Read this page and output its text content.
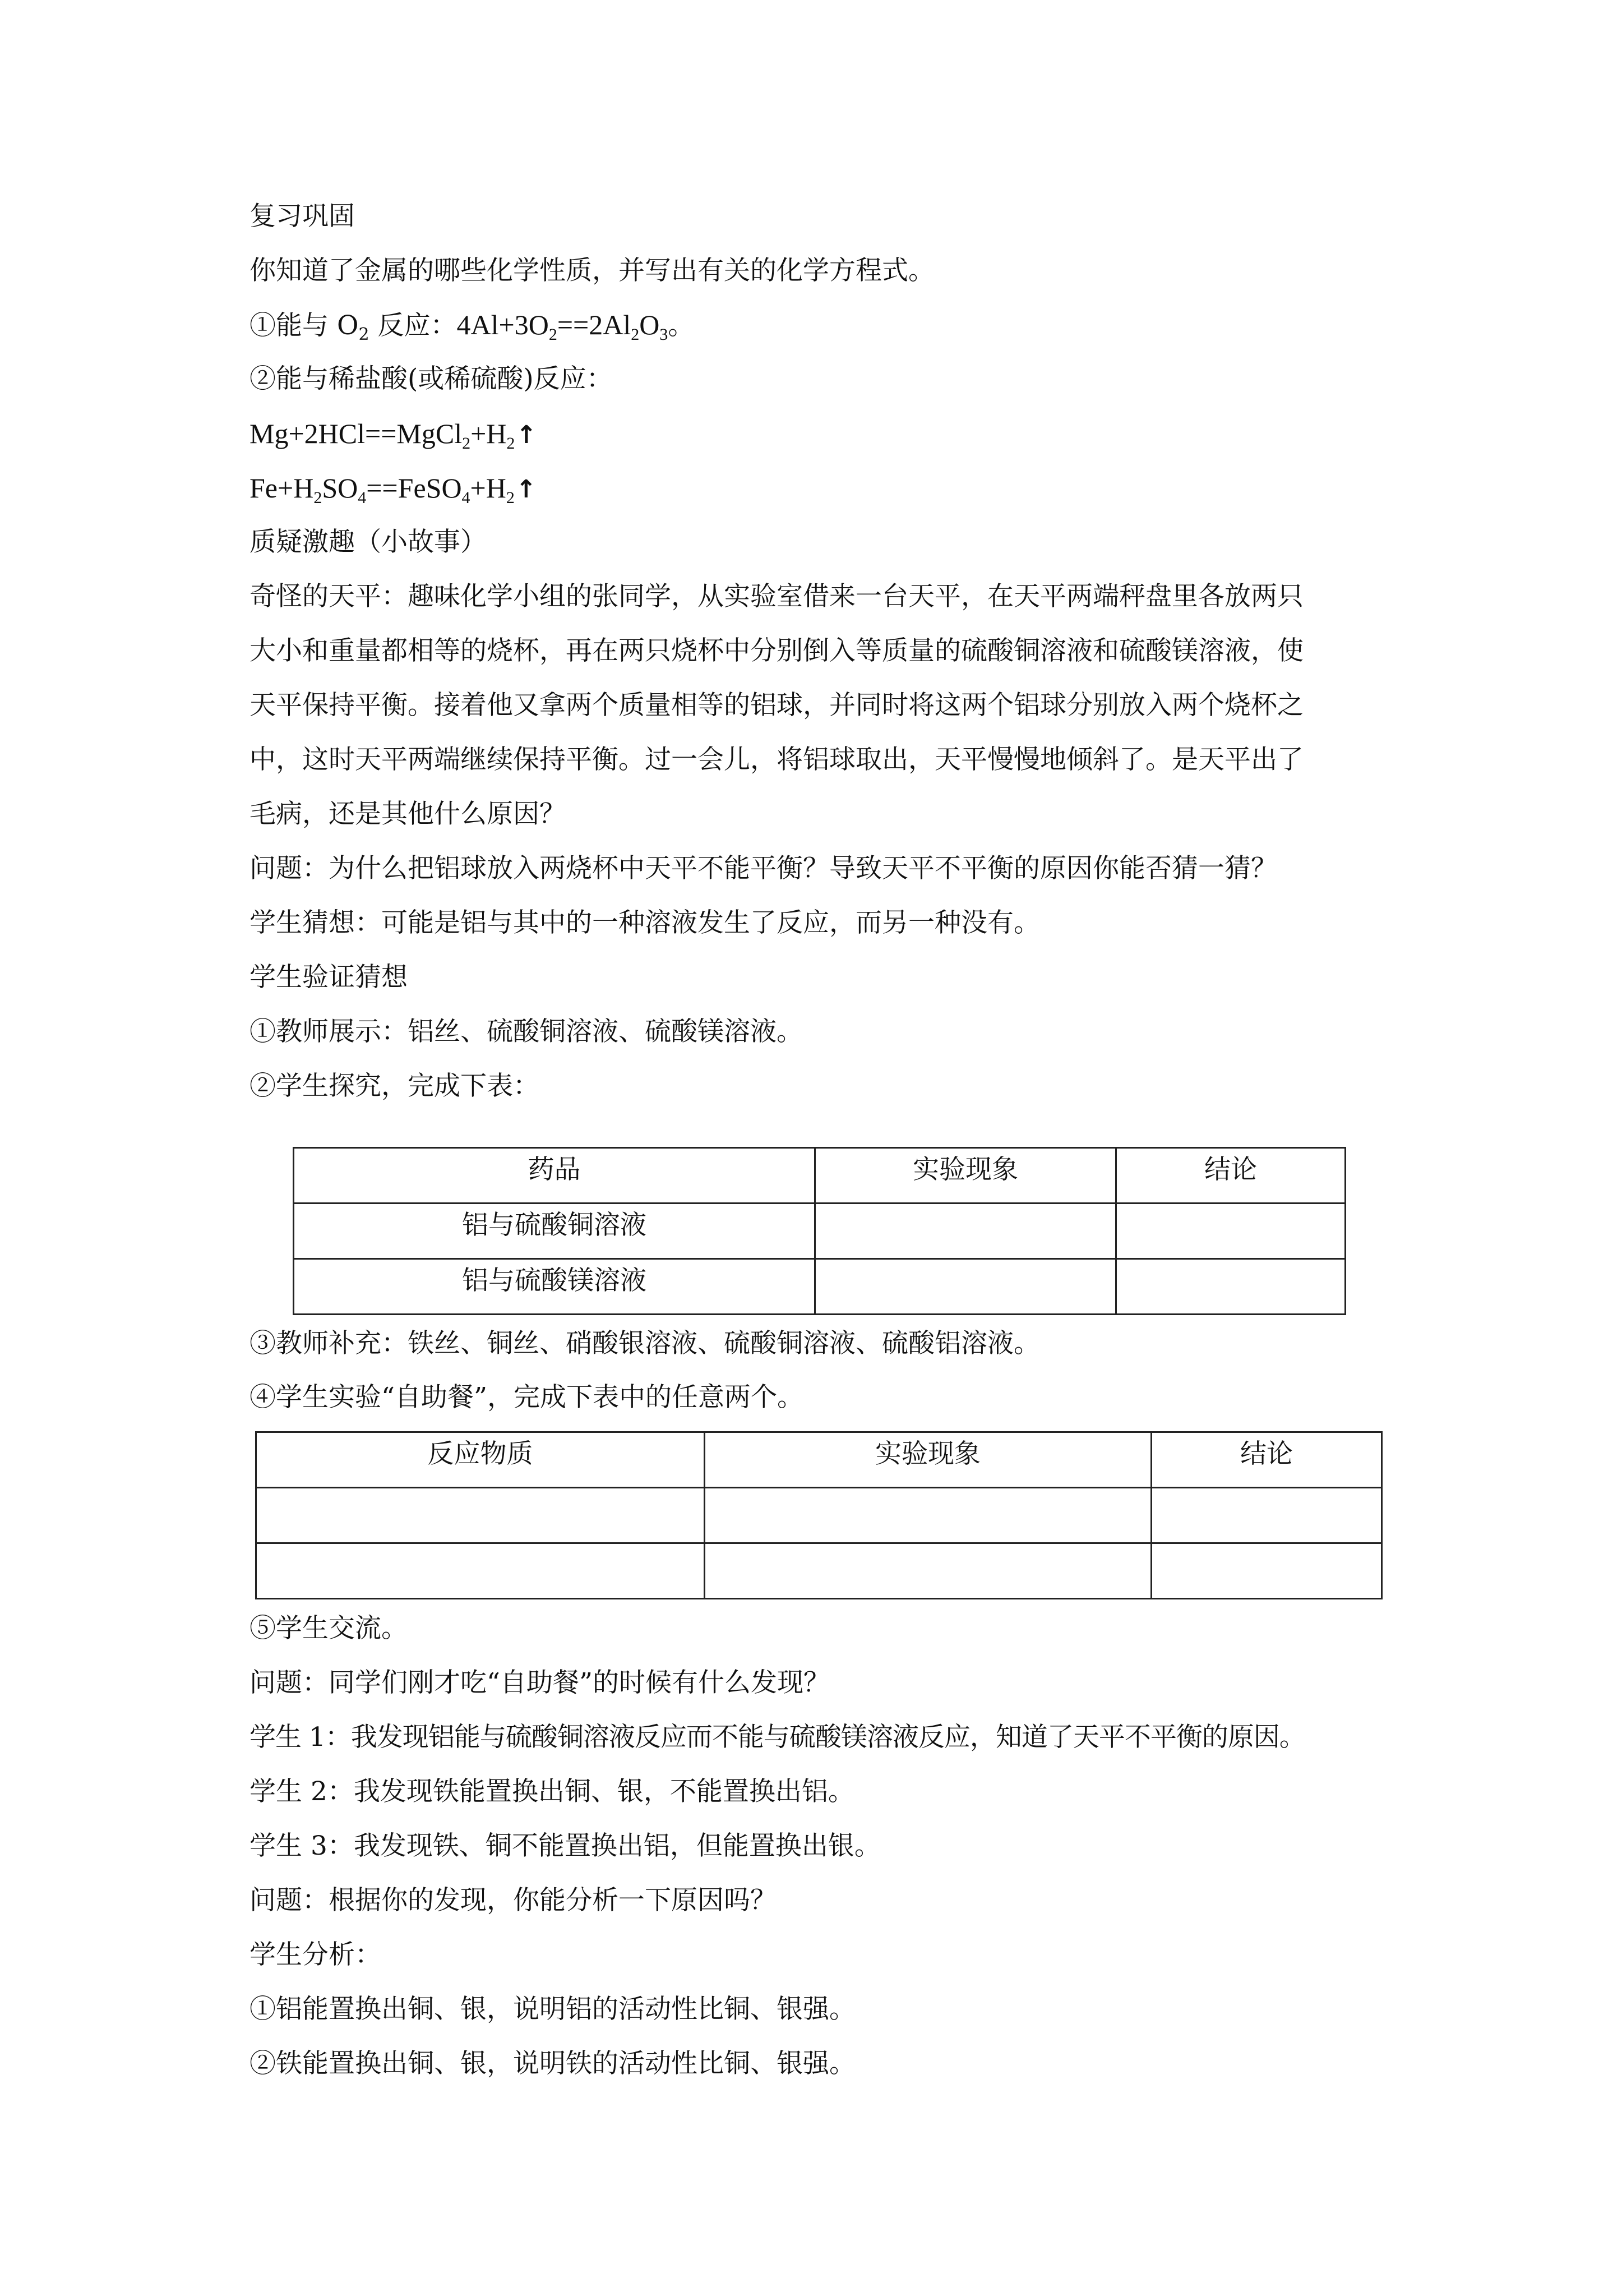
复习巩固
你知道了金属的哪些化学性质，并写出有关的化学方程式。
①能与 $O_2$ 反应：$4Al+3O_2==2Al_2O_3$。
②能与稀盐酸(或稀硫酸)反应：
$Mg+2HCl==MgCl_2+H_2↑$
$Fe+H_2SO_4==FeSO_4+H_2↑$
质疑激趣（小故事）
奇怪的天平：趣味化学小组的张同学，从实验室借来一台天平，在天平两端秤盘里各放两只
大小和重量都相等的烧杯，再在两只烧杯中分别倒入等质量的硫酸铜溶液和硫酸镁溶液，使
天平保持平衡。接着他又拿两个质量相等的铝球，并同时将这两个铝球分别放入两个烧杯之
中，这时天平两端继续保持平衡。过一会儿，将铝球取出，天平慢慢地倾斜了。是天平出了
毛病，还是其他什么原因？
问题：为什么把铝球放入两烧杯中天平不能平衡？导致天平不平衡的原因你能否猜一猜？
学生猜想：可能是铝与其中的一种溶液发生了反应，而另一种没有。
学生验证猜想
①教师展示：铝丝、硫酸铜溶液、硫酸镁溶液。
②学生探究，完成下表：
药品	实验现象	结论
铝与硫酸铜溶液		
铝与硫酸镁溶液		
③教师补充：铁丝、铜丝、硝酸银溶液、硫酸铜溶液、硫酸铝溶液。
④学生实验“自助餐”，完成下表中的任意两个。
反应物质	实验现象	结论

⑤学生交流。
问题：同学们刚才吃“自助餐”的时候有什么发现？
学生 1：我发现铝能与硫酸铜溶液反应而不能与硫酸镁溶液反应，知道了天平不平衡的原因。
学生 2：我发现铁能置换出铜、银，不能置换出铝。
学生 3：我发现铁、铜不能置换出铝，但能置换出银。
问题：根据你的发现，你能分析一下原因吗？
学生分析：
①铝能置换出铜、银，说明铝的活动性比铜、银强。
②铁能置换出铜、银，说明铁的活动性比铜、银强。
